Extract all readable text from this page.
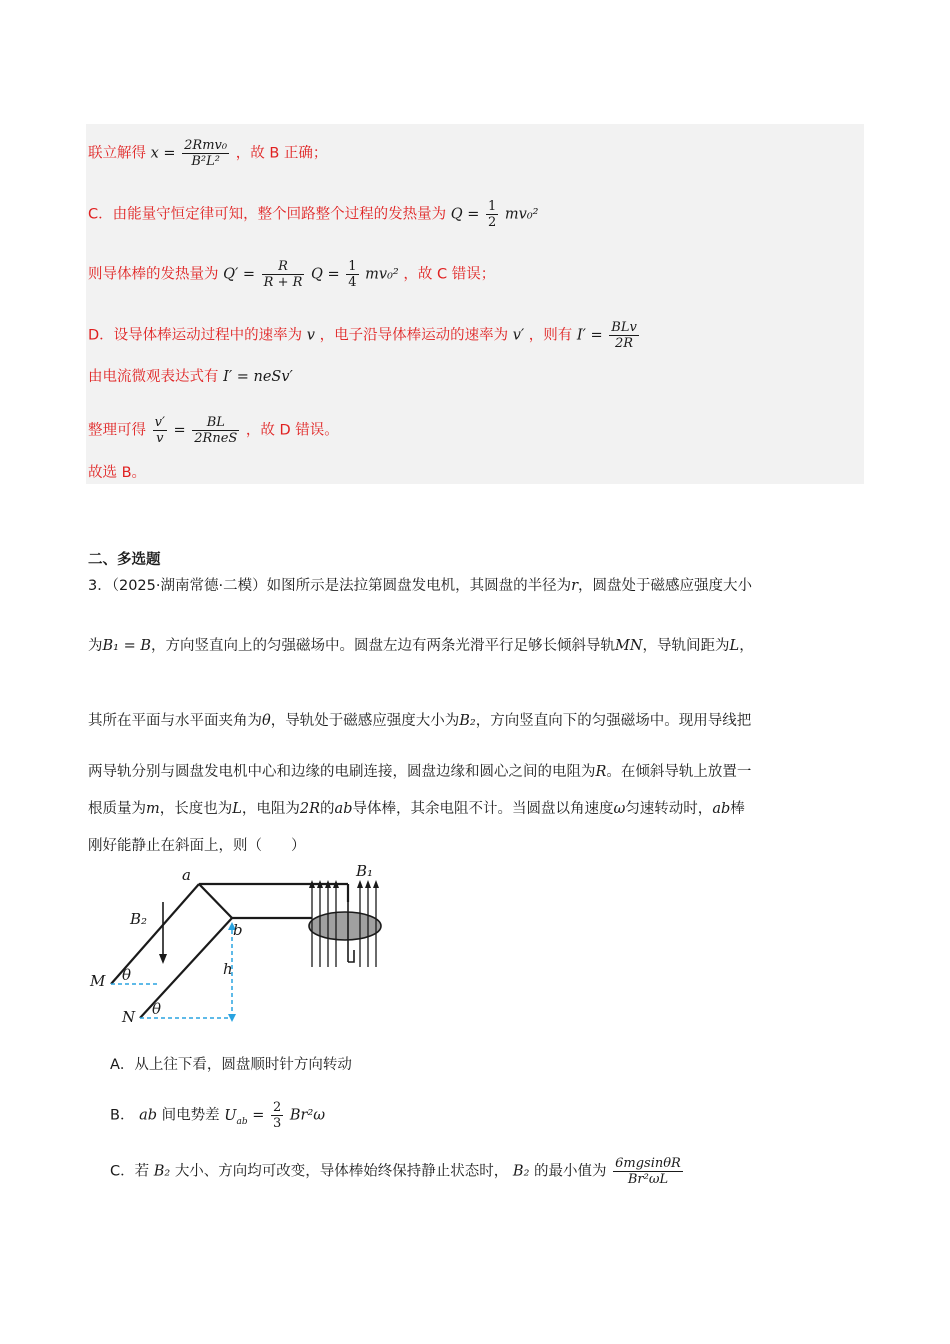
联立解得 $x = \frac{\text{2Rmv₀}}{\text{B²L²}}$ ，故 B 正确；
C．由能量守恒定律可知，整个回路整个过程的发热量为 $Q = \frac{1}{2} mv_0^2$
则导体棒的发热量为 $Q' = \frac{R}{R + R}$ $Q = \frac{1}{4} mv_0^2$ ，故 C 错误；
D．设导体棒运动过程中的速率为 v ，电子沿导体棒运动的速率为 v′ ，则有 $I' = \frac{\text{BLv}}{2R}$
由电流微观表达式有 I′ = neSv′
整理可得 $\frac{v'}{v} = \frac{BL}{\text{2RneS}}$ ，故 D 错误。
故选 B。
二、多选题
3．（2025·湖南常德·二模）如图所示是法拉第圆盘发电机，其圆盘的半径为r，圆盘处于磁感应强度大小
为B₁ = B，方向竖直向上的匀强磁场中。圆盘左边有两条光滑平行足够长倾斜导轨MN，导轨间距为L，
其所在平面与水平面夹角为θ，导轨处于磁感应强度大小为B₂，方向竖直向下的匀强磁场中。现用导线把
两导轨分别与圆盘发电机中心和边缘的电刷连接，圆盘边缘和圆心之间的电阻为R。在倾斜导轨上放置一
根质量为m，长度也为L，电阻为2R的ab导体棒，其余电阻不计。当圆盘以角速度ω匀速转动时，ab棒
刚好能静止在斜面上，则（　　）
a
b
B₁
B₂
M
N
θ
θ
h
A．从上往下看，圆盘顺时针方向转动
B． ab 间电势差 $U_{ab} = \frac{2}{3} Br^2\omega$
C．若 B₂ 大小、方向均可改变，导体棒始终保持静止状态时， B₂ 的最小值为 $\frac{6mgsin\theta R}{\text{Br²ωL}}$
